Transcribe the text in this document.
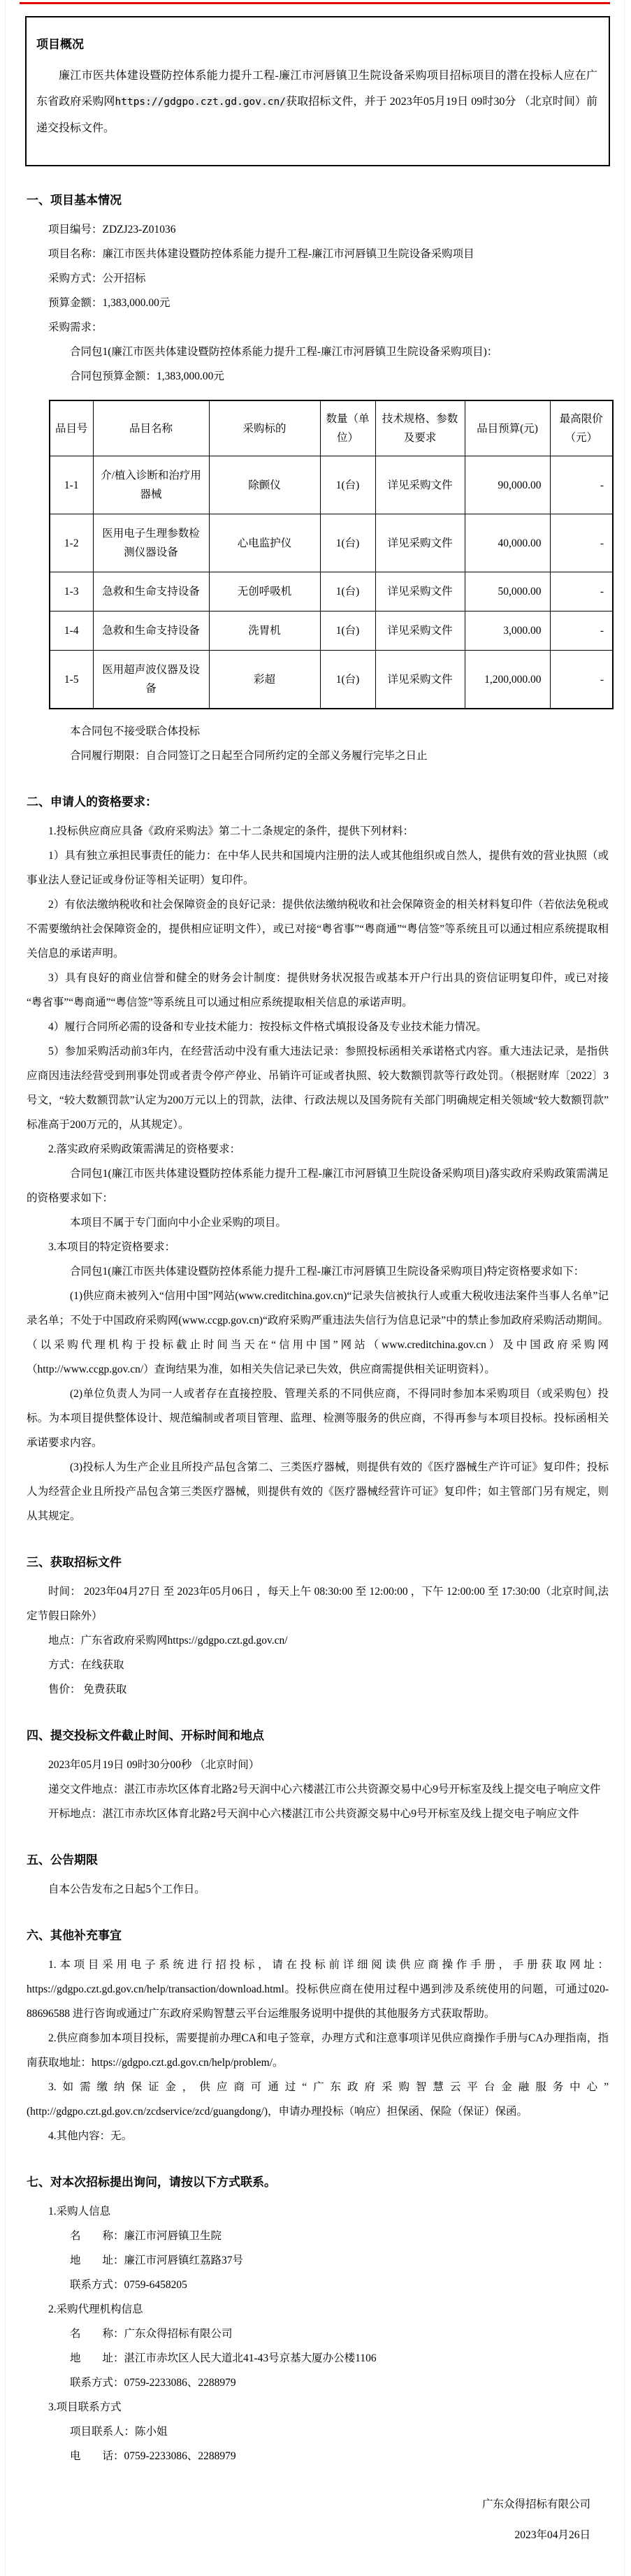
项目概况

廉江市医共体建设暨防控体系能力提升工程-廉江市河唇镇卫生院设备采购项目招标项目的潜在投标人应在广东省政府采购网https://gdgpo.czt.gd.gov.cn/获取招标文件，并于 2023年05月19日 09时30分 （北京时间）前递交投标文件。

一、项目基本情况

项目编号：ZDZJ23-Z01036

项目名称：廉江市医共体建设暨防控体系能力提升工程-廉江市河唇镇卫生院设备采购项目

采购方式：公开招标

预算金额：1,383,000.00元

采购需求：

合同包1(廉江市医共体建设暨防控体系能力提升工程-廉江市河唇镇卫生院设备采购项目)：

合同包预算金额：1,383,000.00元

品目号	品目名称	采购标的	数量（单位）	技术规格、参数及要求	品目预算(元)	最高限价（元）
1-1	介/植入诊断和治疗用器械	除颤仪	1(台)	详见采购文件	90,000.00	-
1-2	医用电子生理参数检测仪器设备	心电监护仪	1(台)	详见采购文件	40,000.00	-
1-3	急救和生命支持设备	无创呼吸机	1(台)	详见采购文件	50,000.00	-
1-4	急救和生命支持设备	洗胃机	1(台)	详见采购文件	3,000.00	-
1-5	医用超声波仪器及设备	彩超	1(台)	详见采购文件	1,200,000.00	-

本合同包不接受联合体投标

合同履行期限：自合同签订之日起至合同所约定的全部义务履行完毕之日止

二、申请人的资格要求：

1.投标供应商应具备《政府采购法》第二十二条规定的条件，提供下列材料：

1）具有独立承担民事责任的能力：在中华人民共和国境内注册的法人或其他组织或自然人，提供有效的营业执照（或事业法人登记证或身份证等相关证明）复印件。

2）有依法缴纳税收和社会保障资金的良好记录：提供依法缴纳税收和社会保障资金的相关材料复印件（若依法免税或不需要缴纳社会保障资金的，提供相应证明文件），或已对接“粤省事”“粤商通”“粤信签”等系统且可以通过相应系统提取相关信息的承诺声明。

3）具有良好的商业信誉和健全的财务会计制度：提供财务状况报告或基本开户行出具的资信证明复印件，或已对接“粤省事”“粤商通”“粤信签”等系统且可以通过相应系统提取相关信息的承诺声明。

4）履行合同所必需的设备和专业技术能力：按投标文件格式填报设备及专业技术能力情况。

5）参加采购活动前3年内，在经营活动中没有重大违法记录：参照投标函相关承诺格式内容。重大违法记录，是指供应商因违法经营受到刑事处罚或者责令停产停业、吊销许可证或者执照、较大数额罚款等行政处罚。（根据财库〔2022〕3号文，“较大数额罚款”认定为200万元以上的罚款，法律、行政法规以及国务院有关部门明确规定相关领域“较大数额罚款”标准高于200万元的，从其规定）。

2.落实政府采购政策需满足的资格要求：

合同包1(廉江市医共体建设暨防控体系能力提升工程-廉江市河唇镇卫生院设备采购项目)落实政府采购政策需满足的资格要求如下：

本项目不属于专门面向中小企业采购的项目。

3.本项目的特定资格要求：

合同包1(廉江市医共体建设暨防控体系能力提升工程-廉江市河唇镇卫生院设备采购项目)特定资格要求如下：

(1)供应商未被列入“信用中国”网站(www.creditchina.gov.cn)“记录失信被执行人或重大税收违法案件当事人名单”记录名单；不处于中国政府采购网(www.ccgp.gov.cn)“政府采购严重违法失信行为信息记录”中的禁止参加政府采购活动期间。（以采购代理机构于投标截止时间当天在“信用中国”网站（www.creditchina.gov.cn）及中国政府采购网（http://www.ccgp.gov.cn/）查询结果为准，如相关失信记录已失效，供应商需提供相关证明资料）。

(2)单位负责人为同一人或者存在直接控股、管理关系的不同供应商，不得同时参加本采购项目（或采购包）投标。为本项目提供整体设计、规范编制或者项目管理、监理、检测等服务的供应商，不得再参与本项目投标。投标函相关承诺要求内容。

(3)投标人为生产企业且所投产品包含第二、三类医疗器械，则提供有效的《医疗器械生产许可证》复印件；投标人为经营企业且所投产品包含第三类医疗器械，则提供有效的《医疗器械经营许可证》复印件；如主管部门另有规定，则从其规定。

三、获取招标文件

时间： 2023年04月27日 至 2023年05月06日 ，每天上午 08:30:00 至 12:00:00 ，下午 12:00:00 至 17:30:00（北京时间,法定节假日除外）

地点：广东省政府采购网https://gdgpo.czt.gd.gov.cn/

方式：在线获取

售价： 免费获取

四、提交投标文件截止时间、开标时间和地点

2023年05月19日 09时30分00秒 （北京时间）

递交文件地点：湛江市赤坎区体育北路2号天润中心六楼湛江市公共资源交易中心9号开标室及线上提交电子响应文件

开标地点：湛江市赤坎区体育北路2号天润中心六楼湛江市公共资源交易中心9号开标室及线上提交电子响应文件

五、公告期限

自本公告发布之日起5个工作日。

六、其他补充事宜

1.本项目采用电子系统进行招投标，请在投标前详细阅读供应商操作手册，手册获取网址：https://gdgpo.czt.gd.gov.cn/help/transaction/download.html。投标供应商在使用过程中遇到涉及系统使用的问题，可通过020-88696588 进行咨询或通过广东政府采购智慧云平台运维服务说明中提供的其他服务方式获取帮助。

2.供应商参加本项目投标，需要提前办理CA和电子签章，办理方式和注意事项详见供应商操作手册与CA办理指南，指南获取地址：https://gdgpo.czt.gd.gov.cn/help/problem/。

3.如需缴纳保证金，供应商可通过“广东政府采购智慧云平台金融服务中心”(http://gdgpo.czt.gd.gov.cn/zcdservice/zcd/guangdong/)，申请办理投标（响应）担保函、保险（保证）保函。

4.其他内容：无。

七、对本次招标提出询问，请按以下方式联系。

1.采购人信息

名　　称：廉江市河唇镇卫生院

地　　址：廉江市河唇镇红荔路37号

联系方式：0759-6458205

2.采购代理机构信息

名　　称：广东众得招标有限公司

地　　址：湛江市赤坎区人民大道北41-43号京基大厦办公楼1106

联系方式：0759-2233086、2288979

3.项目联系方式

项目联系人：陈小姐

电　　话：0759-2233086、2288979

广东众得招标有限公司
2023年04月26日
